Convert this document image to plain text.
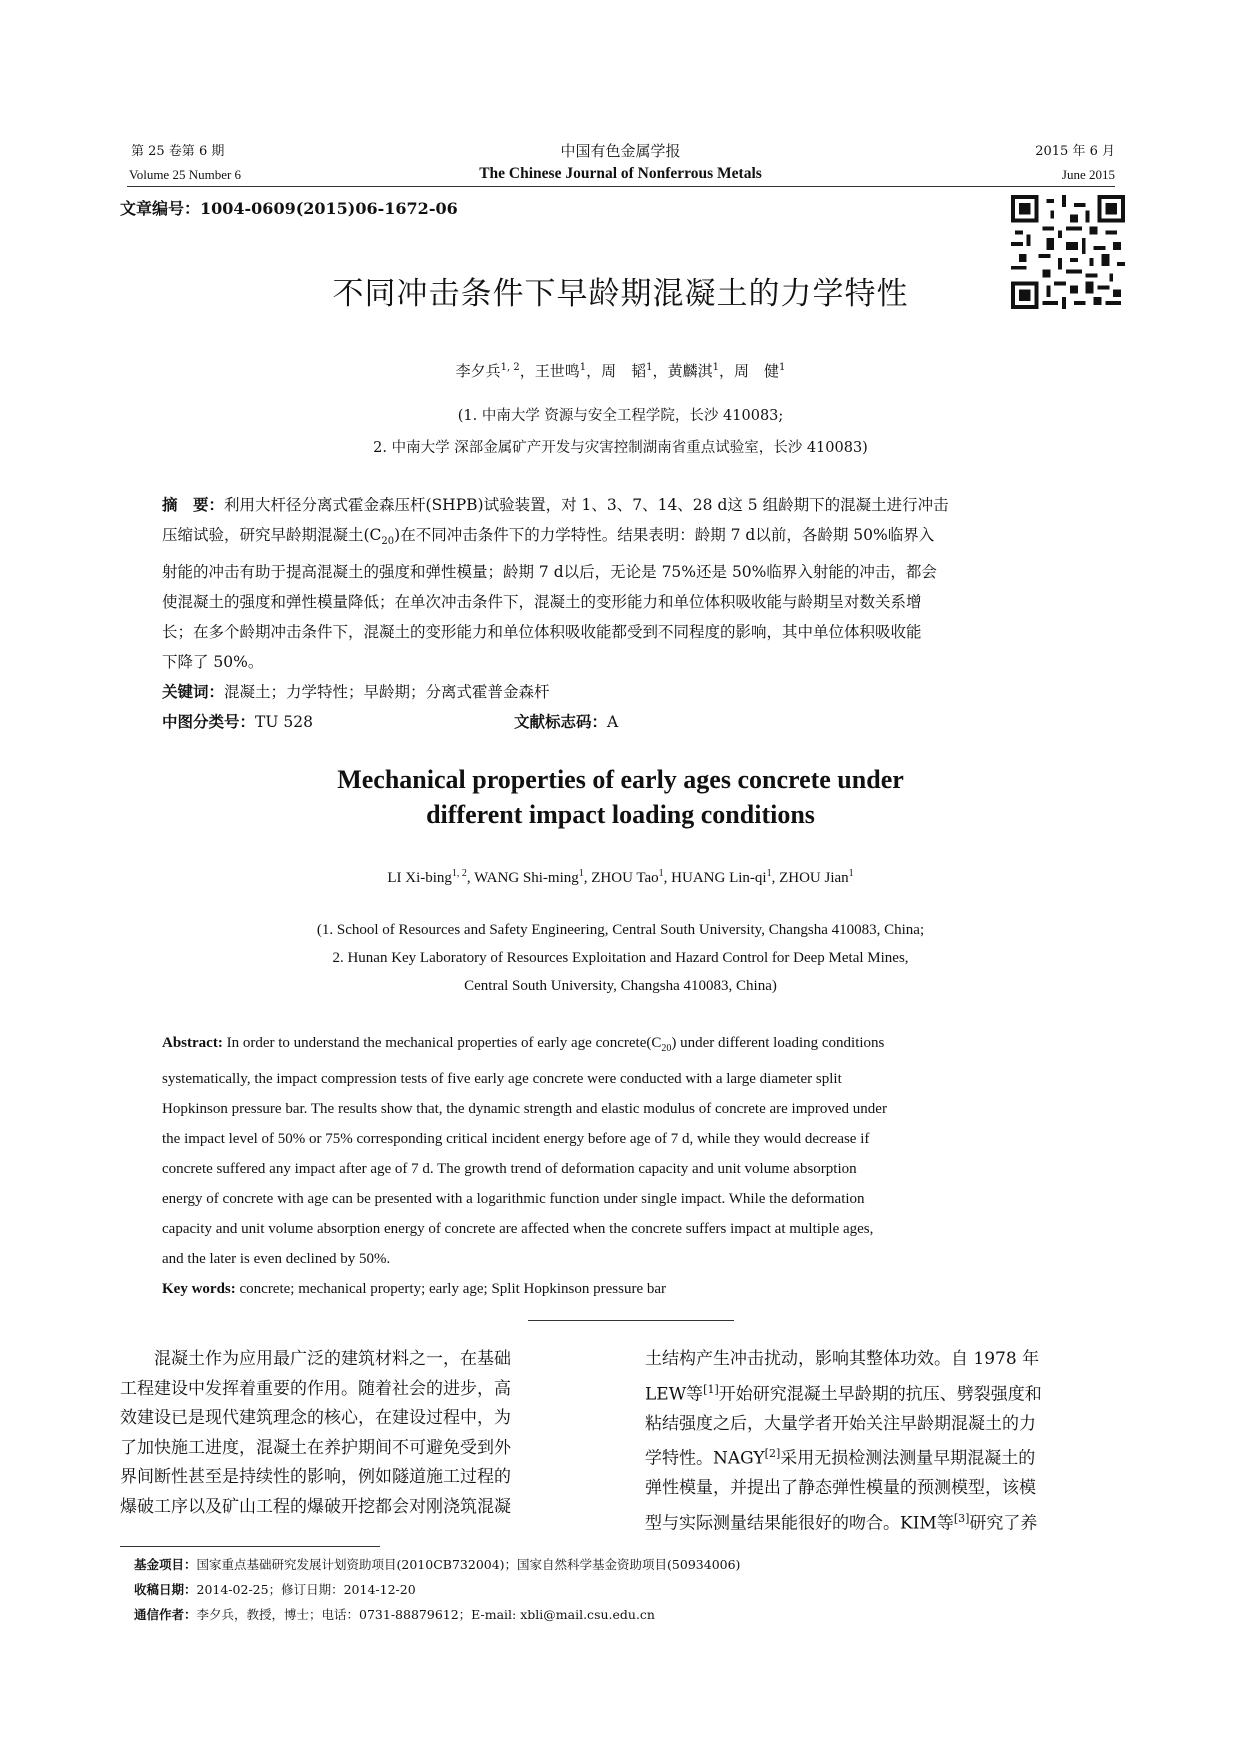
第 25 卷第 6 期
Volume 25 Number 6
中国有色金属学报
The Chinese Journal of Nonferrous Metals
2015 年 6 月
June 2015
文章编号：1004-0609(2015)06-1672-06
不同冲击条件下早龄期混凝土的力学特性
李夕兵$^{1, 2}$，王世鸣$^1$，周　韬$^1$，黄麟淇$^1$，周　健$^1$
(1. 中南大学 资源与安全工程学院，长沙 410083;
2. 中南大学 深部金属矿产开发与灾害控制湖南省重点试验室，长沙 410083)
摘　要：利用大杆径分离式霍金森压杆(SHPB)试验装置，对 1、3、7、14、28 d这 5 组龄期下的混凝土进行冲击
压缩试验，研究早龄期混凝土$(C_{20})$在不同冲击条件下的力学特性。结果表明：龄期 7 d以前，各龄期 50%临界入
射能的冲击有助于提高混凝土的强度和弹性模量；龄期 7 d以后，无论是 75%还是 50%临界入射能的冲击，都会
使混凝土的强度和弹性模量降低；在单次冲击条件下，混凝土的变形能力和单位体积吸收能与龄期呈对数关系增
长；在多个龄期冲击条件下，混凝土的变形能力和单位体积吸收能都受到不同程度的影响，其中单位体积吸收能
下降了 50%。
关键词：混凝土；力学特性；早龄期；分离式霍普金森杆
中图分类号：TU 528	文献标志码：A
Mechanical properties of early ages concrete under
different impact loading conditions
LI Xi-bing$^{1, 2}$, WANG Shi-ming$^1$, ZHOU Tao$^1$, HUANG Lin-$qi^1$, ZHOU Jian$^1$
(1. School of Resources and Safety Engineering, Central South University, Changsha 410083, China;
2. Hunan Key Laboratory of Resources Exploitation and Hazard Control for Deep Metal Mines,
Central South University, Changsha 410083, China)
Abstract: In order to understand the mechanical properties of early age $concrete(C_{20})$ under different loading conditions
systematically, the impact compression tests of five early age concrete were conducted with a large diameter split
Hopkinson pressure bar. The results show that, the dynamic strength and elastic modulus of concrete are improved under
the impact level of 50% or 75% corresponding critical incident energy before age of 7 d, while they would decrease if
concrete suffered any impact after age of 7 d. The growth trend of deformation capacity and unit volume absorption
energy of concrete with age can be presented with a logarithmic function under single impact. While the deformation
capacity and unit volume absorption energy of concrete are affected when the concrete suffers impact at multiple ages,
and the later is even declined by 50%.
Key words: concrete; mechanical property; early age; Split Hopkinson pressure bar
混凝土作为应用最广泛的建筑材料之一，在基础
工程建设中发挥着重要的作用。随着社会的进步，高
效建设已是现代建筑理念的核心，在建设过程中，为
了加快施工进度，混凝土在养护期间不可避免受到外
界间断性甚至是持续性的影响，例如隧道施工过程的
爆破工序以及矿山工程的爆破开挖都会对刚浇筑混凝
土结构产生冲击扰动，影响其整体功效。自 1978 年
LEW等[1]开始研究混凝土早龄期的抗压、劈裂强度和
粘结强度之后，大量学者开始关注早龄期混凝土的力
学特性。NAGY[2]采用无损检测法测量早期混凝土的
弹性模量，并提出了静态弹性模量的预测模型，该模
型与实际测量结果能很好的吻合。KIM等[3]研究了养
基金项目：国家重点基础研究发展计划资助项目(2010CB732004)；国家自然科学基金资助项目(50934006)
收稿日期：2014-02-25；修订日期：2014-12-20
通信作者：李夕兵，教授，博士；电话：0731-88879612；E-mail: xbli@mail.csu.edu.cn
